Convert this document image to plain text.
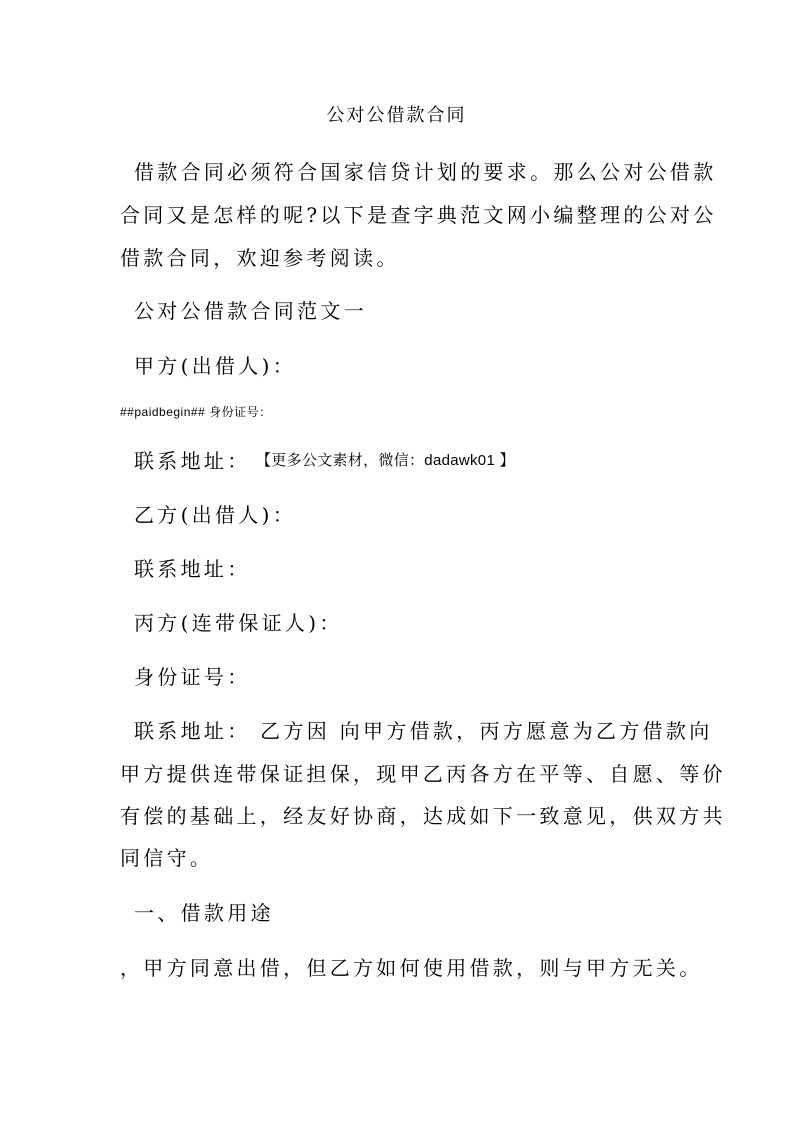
公对公借款合同
借款合同必须符合国家信贷计划的要求。那么公对公借款
合同又是怎样的呢?以下是查字典范文网小编整理的公对公
借款合同，欢迎参考阅读。
公对公借款合同范文一
甲方(出借人)：
##paidbegin## 身份证号：
联系地址： 【更多公文素材，微信：dadawk01 】
乙方(出借人)：
联系地址：
丙方(连带保证人)：
身份证号：
联系地址： 乙方因 向甲方借款，丙方愿意为乙方借款向
甲方提供连带保证担保，现甲乙丙各方在平等、自愿、等价
有偿的基础上，经友好协商，达成如下一致意见，供双方共
同信守。
一、借款用途
，甲方同意出借，但乙方如何使用借款，则与甲方无关。
